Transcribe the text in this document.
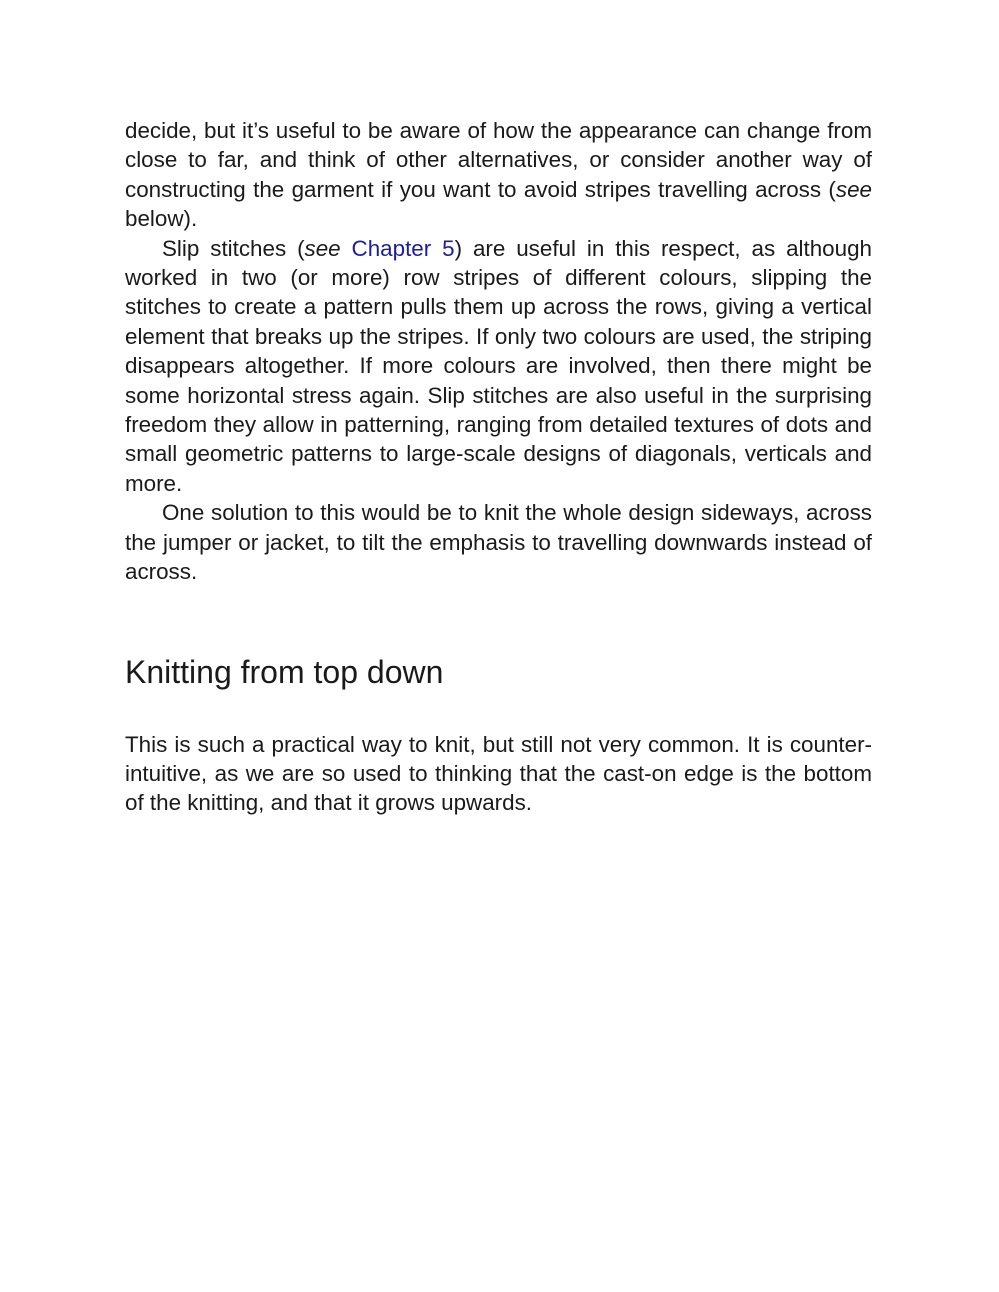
decide, but it’s useful to be aware of how the appearance can change from close to far, and think of other alternatives, or consider another way of constructing the garment if you want to avoid stripes travelling across (see below).

Slip stitches (see Chapter 5) are useful in this respect, as although worked in two (or more) row stripes of different colours, slipping the stitches to create a pattern pulls them up across the rows, giving a vertical element that breaks up the stripes. If only two colours are used, the striping disappears altogether. If more colours are involved, then there might be some horizontal stress again. Slip stitches are also useful in the surprising freedom they allow in patterning, ranging from detailed textures of dots and small geometric patterns to large-scale designs of diagonals, verticals and more.

One solution to this would be to knit the whole design sideways, across the jumper or jacket, to tilt the emphasis to travelling downwards instead of across.

Knitting from top down

This is such a practical way to knit, but still not very common. It is counter-intuitive, as we are so used to thinking that the cast-on edge is the bottom of the knitting, and that it grows upwards.
